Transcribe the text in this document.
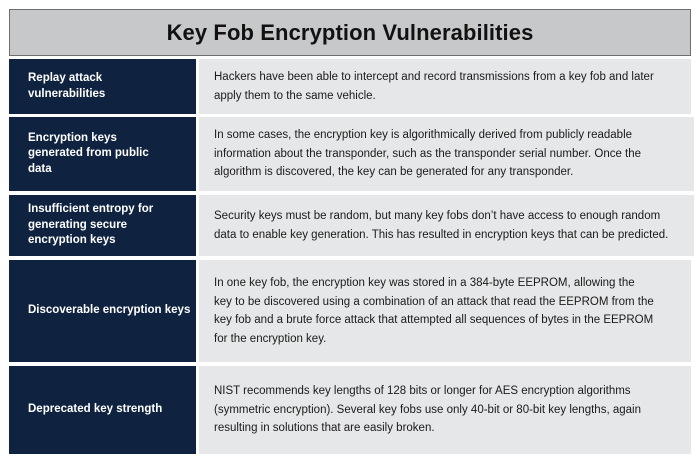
Key Fob Encryption Vulnerabilities
Replay attack vulnerabilities
Hackers have been able to intercept and record transmissions from a key fob and later apply them to the same vehicle.
Encryption keys generated from public data
In some cases, the encryption key is algorithmically derived from publicly readable information about the transponder, such as the transponder serial number. Once the algorithm is discovered, the key can be generated for any transponder.
Insufficient entropy for generating secure encryption keys
Security keys must be random, but many key fobs don’t have access to enough random data to enable key generation. This has resulted in encryption keys that can be predicted.
Discoverable encryption keys
In one key fob, the encryption key was stored in a 384-byte EEPROM, allowing the key to be discovered using a combination of an attack that read the EEPROM from the key fob and a brute force attack that attempted all sequences of bytes in the EEPROM for the encryption key.
Deprecated key strength
NIST recommends key lengths of 128 bits or longer for AES encryption algorithms (symmetric encryption). Several key fobs use only 40-bit or 80-bit key lengths, again resulting in solutions that are easily broken.
